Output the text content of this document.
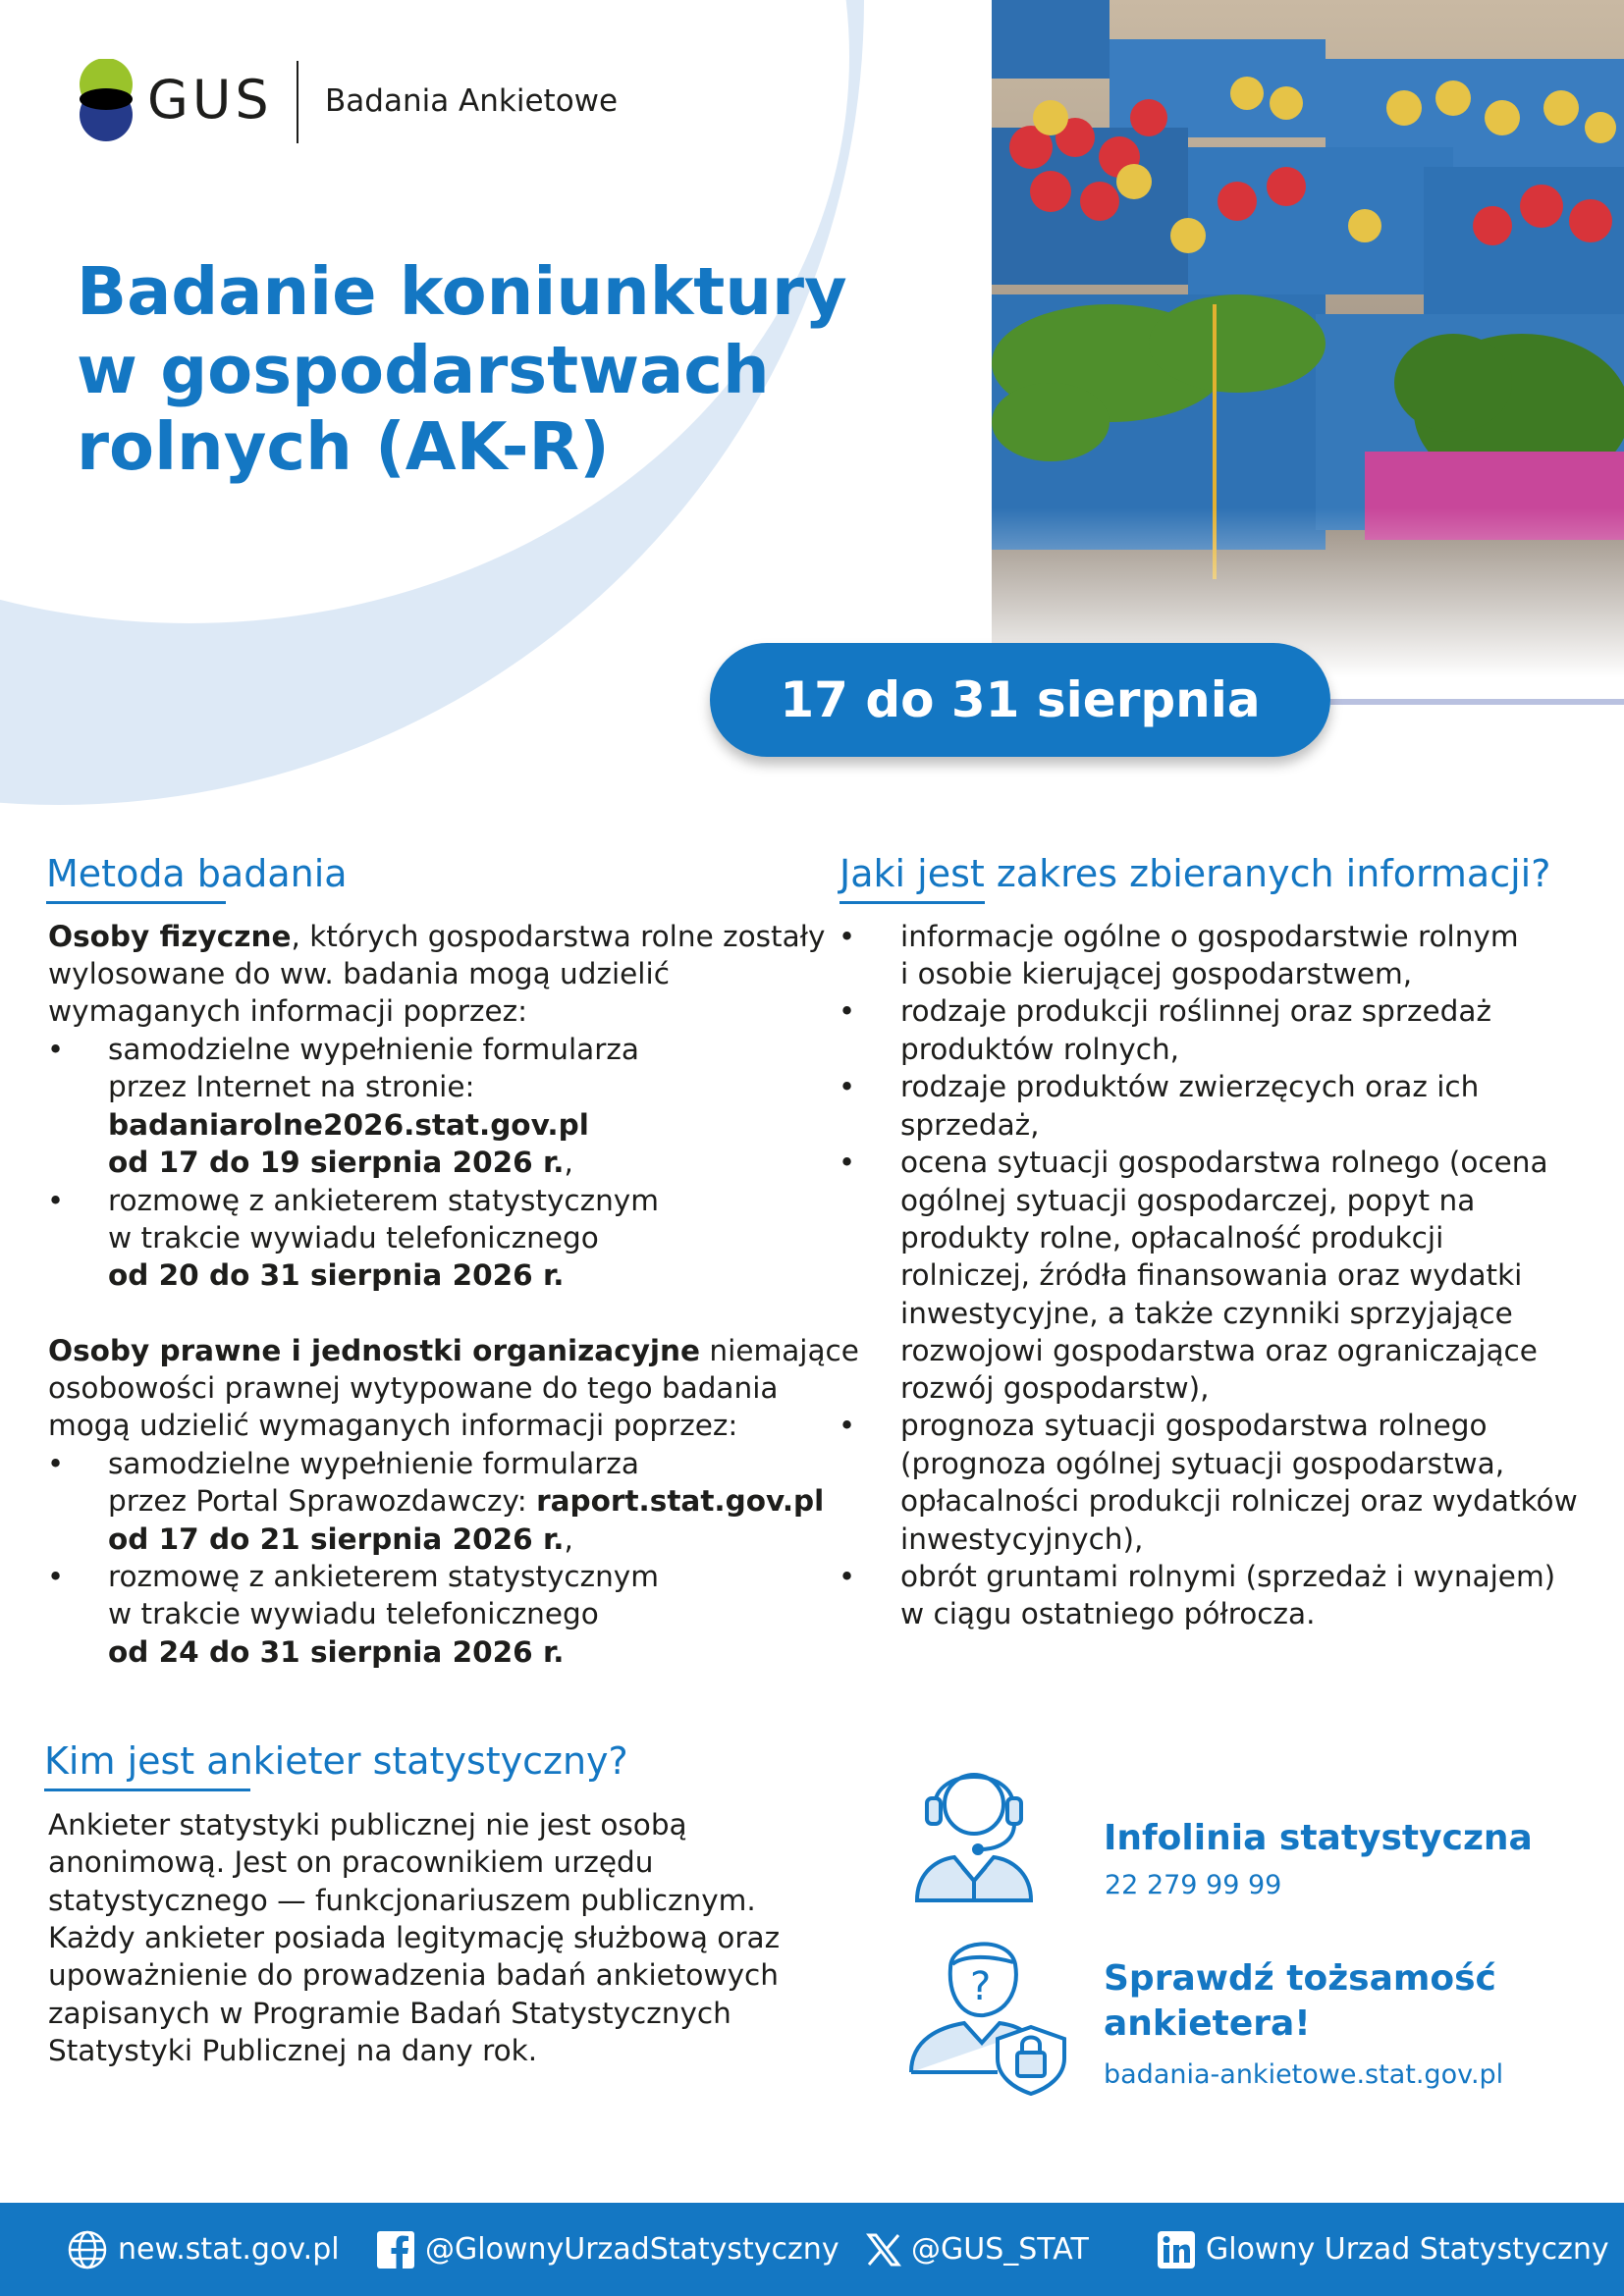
GUS Badania Ankietowe
Badanie koniunktury
w gospodarstwach
rolnych (AK-R)
17 do 31 sierpnia 2026 r.
Metoda badania
Osoby fizyczne, których gospodarstwa rolne zostały
wylosowane do ww. badania mogą udzielić
wymaganych informacji poprzez:
• samodzielne wypełnienie formularza
przez Internet na stronie:
badaniarolne2026.stat.gov.pl
od 17 do 19 sierpnia 2026 r.,
• rozmowę z ankieterem statystycznym
w trakcie wywiadu telefonicznego
od 20 do 31 sierpnia 2026 r.
Osoby prawne i jednostki organizacyjne niemające
osobowości prawnej wytypowane do tego badania
mogą udzielić wymaganych informacji poprzez:
• samodzielne wypełnienie formularza
przez Portal Sprawozdawczy: raport.stat.gov.pl
od 17 do 21 sierpnia 2026 r.,
• rozmowę z ankieterem statystycznym
w trakcie wywiadu telefonicznego
od 24 do 31 sierpnia 2026 r.
Jaki jest zakres zbieranych informacji?
• informacje ogólne o gospodarstwie rolnym
i osobie kierującej gospodarstwem,
• rodzaje produkcji roślinnej oraz sprzedaż
produktów rolnych,
• rodzaje produktów zwierzęcych oraz ich
sprzedaż,
• ocena sytuacji gospodarstwa rolnego (ocena
ogólnej sytuacji gospodarczej, popyt na
produkty rolne, opłacalność produkcji
rolniczej, źródła finansowania oraz wydatki
inwestycyjne, a także czynniki sprzyjające
rozwojowi gospodarstwa oraz ograniczające
rozwój gospodarstw),
• prognoza sytuacji gospodarstwa rolnego
(prognoza ogólnej sytuacji gospodarstwa,
opłacalności produkcji rolniczej oraz wydatków
inwestycyjnych),
• obrót gruntami rolnymi (sprzedaż i wynajem)
w ciągu ostatniego półrocza.
Kim jest ankieter statystyczny?
Ankieter statystyki publicznej nie jest osobą
anonimową. Jest on pracownikiem urzędu
statystycznego — funkcjonariuszem publicznym.
Każdy ankieter posiada legitymację służbową oraz
upoważnienie do prowadzenia badań ankietowych
zapisanych w Programie Badań Statystycznych
Statystyki Publicznej na dany rok.
?
Infolinia statystyczna
22 279 99 99
Sprawdź tożsamość
ankietera!
badania-ankietowe.stat.gov.pl
new.stat.gov.pl	@GlownyUrzadStatystyczny @GUS_STAT	Glowny Urzad Statystyczny
